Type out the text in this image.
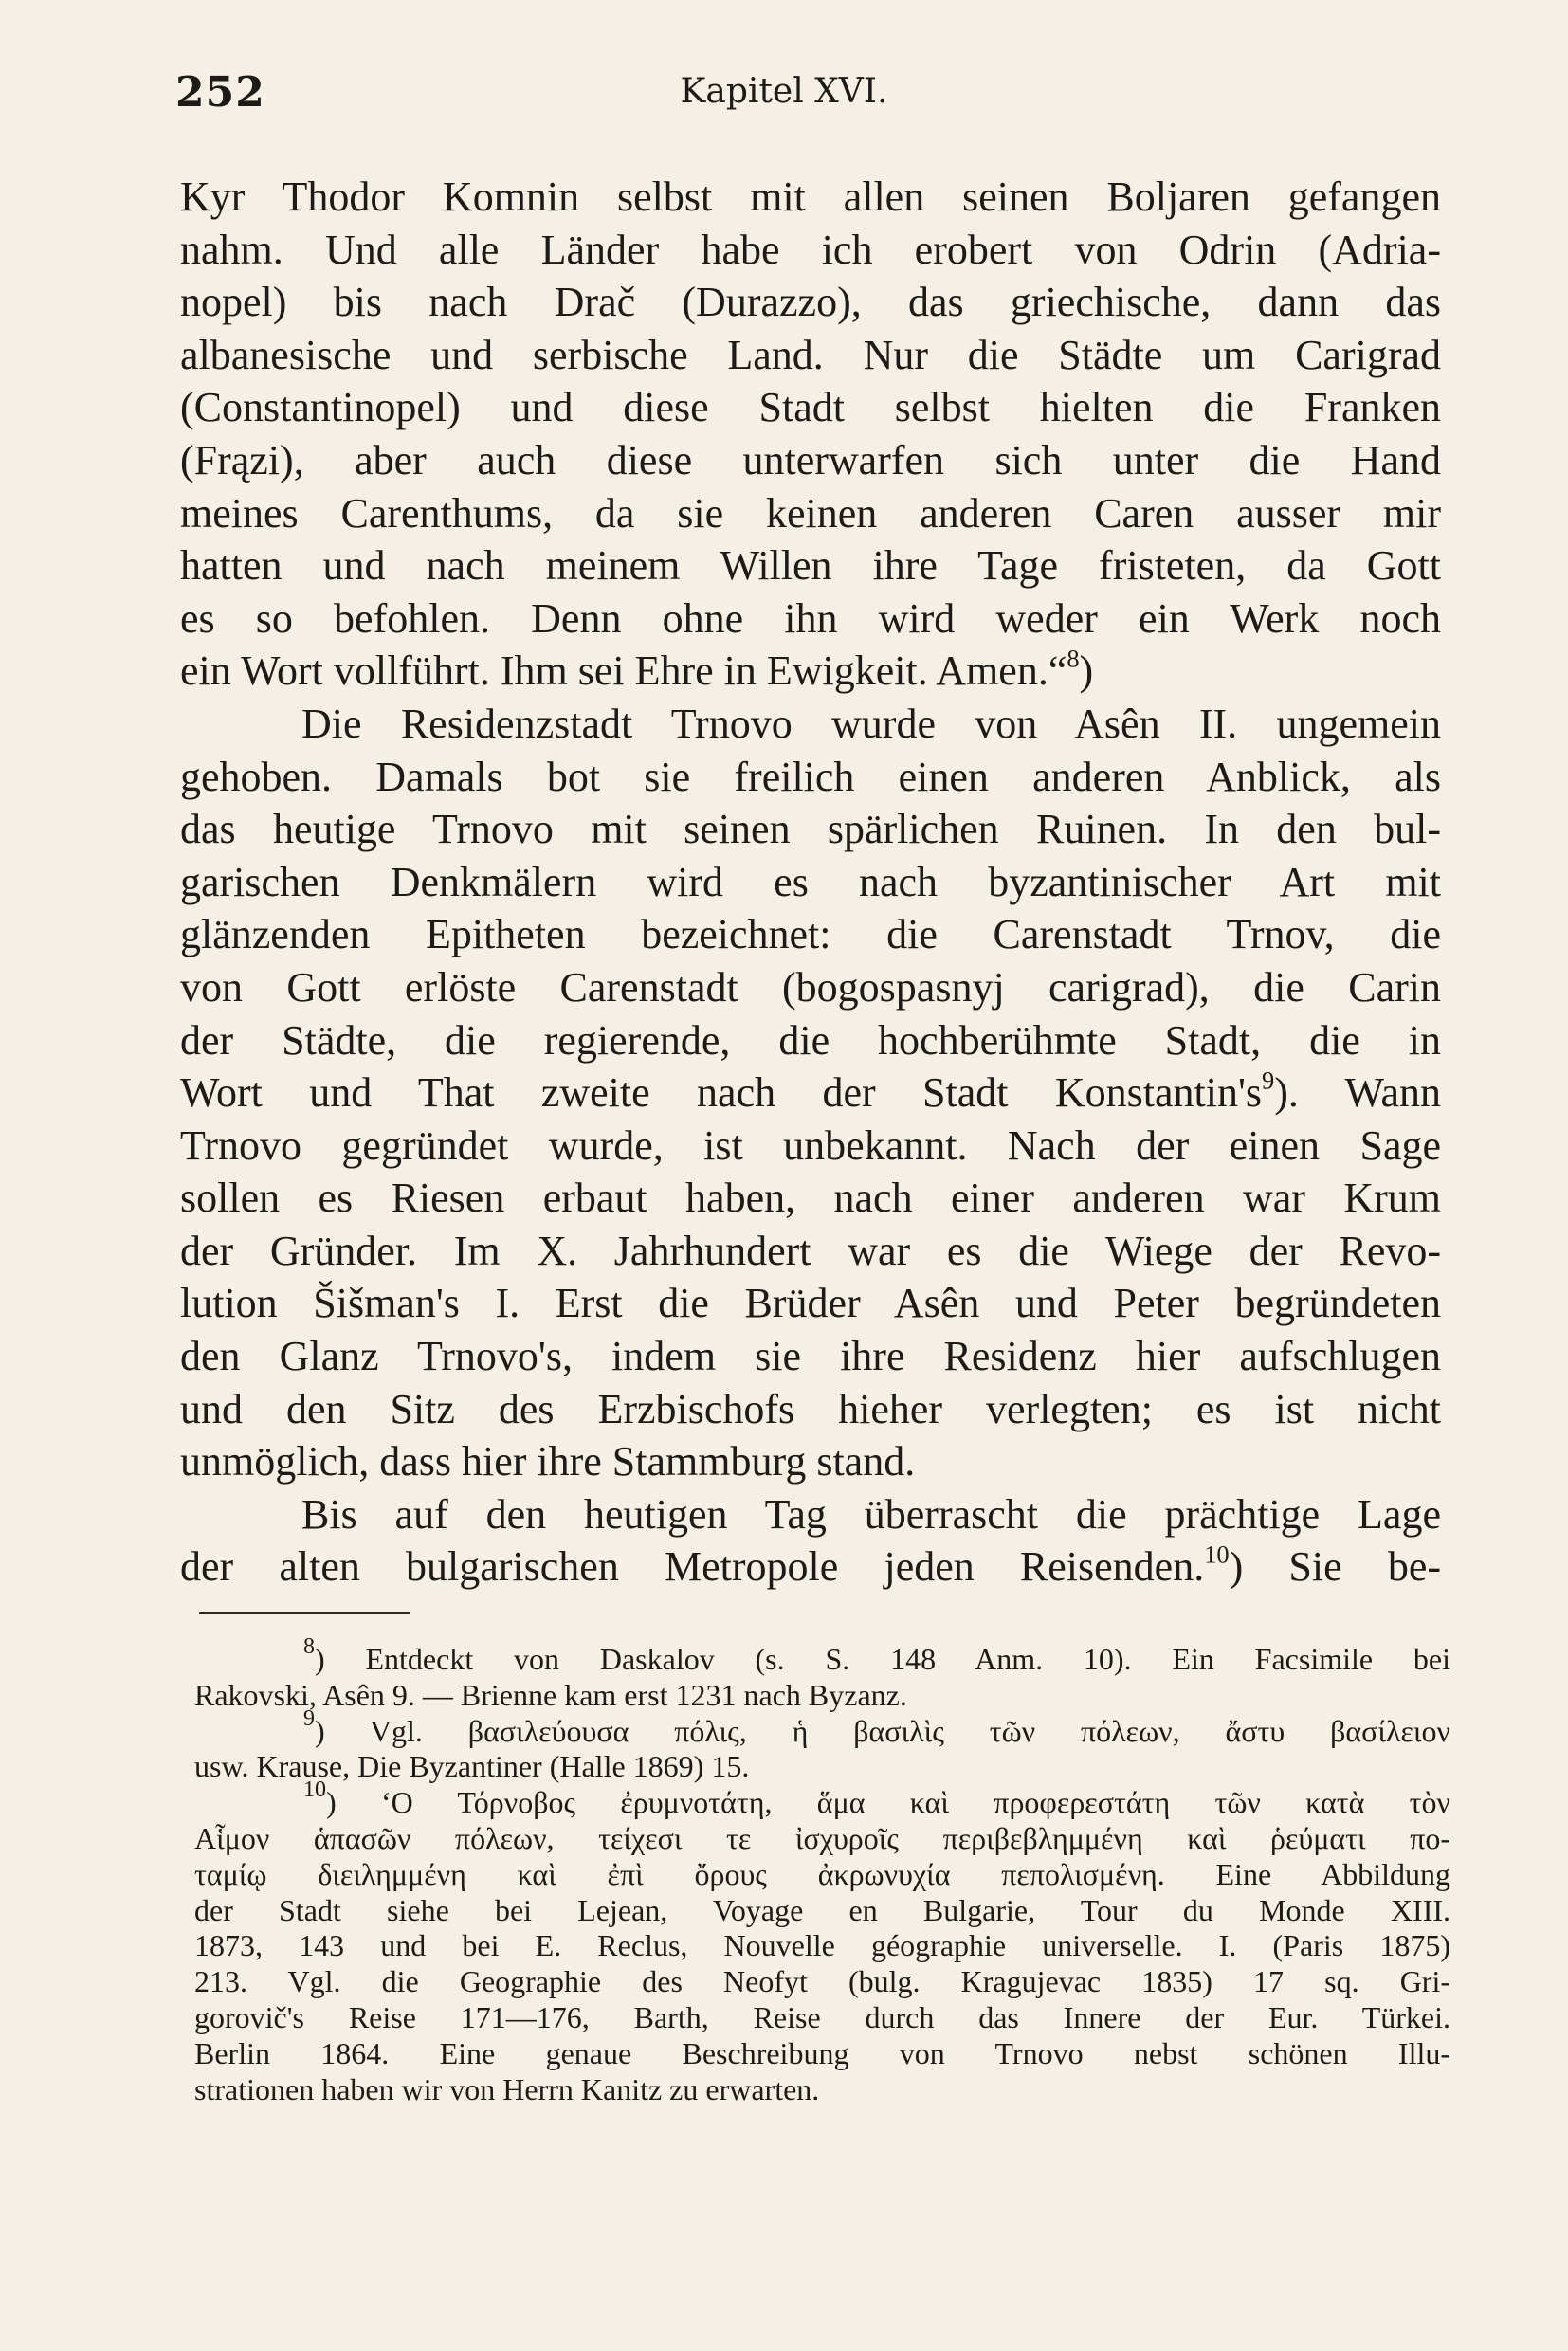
252	Kapitel XVI.
Kyr Thodor Komnin selbst mit allen seinen Boljaren gefangen
nahm. Und alle Länder habe ich erobert von Odrin (Adria-
nopel) bis nach Drač (Durazzo), das griechische, dann das
albanesische und serbische Land. Nur die Städte um Carigrad
(Constantinopel) und diese Stadt selbst hielten die Franken
(Frązi), aber auch diese unterwarfen sich unter die Hand
meines Carenthums, da sie keinen anderen Caren ausser mir
hatten und nach meinem Willen ihre Tage fristeten, da Gott
es so befohlen. Denn ohne ihn wird weder ein Werk noch
ein Wort vollführt. Ihm sei Ehre in Ewigkeit. Amen.“$^8$)
Die Residenzstadt Trnovo wurde von Asên II. ungemein
gehoben. Damals bot sie freilich einen anderen Anblick, als
das heutige Trnovo mit seinen spärlichen Ruinen. In den bul-
garischen Denkmälern wird es nach byzantinischer Art mit
glänzenden Epitheten bezeichnet: die Carenstadt Trnov, die
von Gott erlöste Carenstadt (bogospasnyj carigrad), die Carin
der Städte, die regierende, die hochberühmte Stadt, die in
Wort und That zweite nach der Stadt $Konstantin's^9$). Wann
Trnovo gegründet wurde, ist unbekannt. Nach der einen Sage
sollen es Riesen erbaut haben, nach einer anderen war Krum
der Gründer. Im X. Jahrhundert war es die Wiege der Revo-
lution Šišman's I. Erst die Brüder Asên und Peter begründeten
den Glanz Trnovo's, indem sie ihre Residenz hier aufschlugen
und den Sitz des Erzbischofs hieher verlegten; es ist nicht
unmöglich, dass hier ihre Stammburg stand.
Bis auf den heutigen Tag überrascht die prächtige Lage
der alten bulgarischen Metropole jeden Reisenden.$^{10}$) Sie be-
$^8$) Entdeckt von Daskalov (s. S. 148 Anm. 10). Ein Facsimile bei
Rakovski, Asên 9. — Brienne kam erst 1231 nach Byzanz.
$^9$) Vgl. βασιλεύουσα πόλις, ἡ βασιλὶς τῶν πόλεων, ἄστυ βασίλειον
usw. Krause, Die Byzantiner (Halle 1869) 15.
$^{10}$) ʻΟ Τόρνοβος ἐρυμνοτάτη, ἅμα καὶ προφερεστάτη τῶν κατὰ τὸν
Αἷμον ἁπασῶν πόλεων, τείχεσι τε ἰσχυροῖς περιβεβλημμένη καὶ ῥεύματι πο-
ταμίῳ διειλημμένη καὶ ἐπὶ ὄρους ἀκρωνυχία πεπολισμένη. Eine Abbildung
der Stadt siehe bei Lejean, Voyage en Bulgarie, Tour du Monde XIII.
1873, 143 und bei E. Reclus, Nouvelle géographie universelle. I. (Paris 1875)
213. Vgl. die Geographie des Neofyt (bulg. Kragujevac 1835) 17 sq. Gri-
gorovič's Reise 171—176, Barth, Reise durch das Innere der Eur. Türkei.
Berlin 1864. Eine genaue Beschreibung von Trnovo nebst schönen Illu-
strationen haben wir von Herrn Kanitz zu erwarten.
